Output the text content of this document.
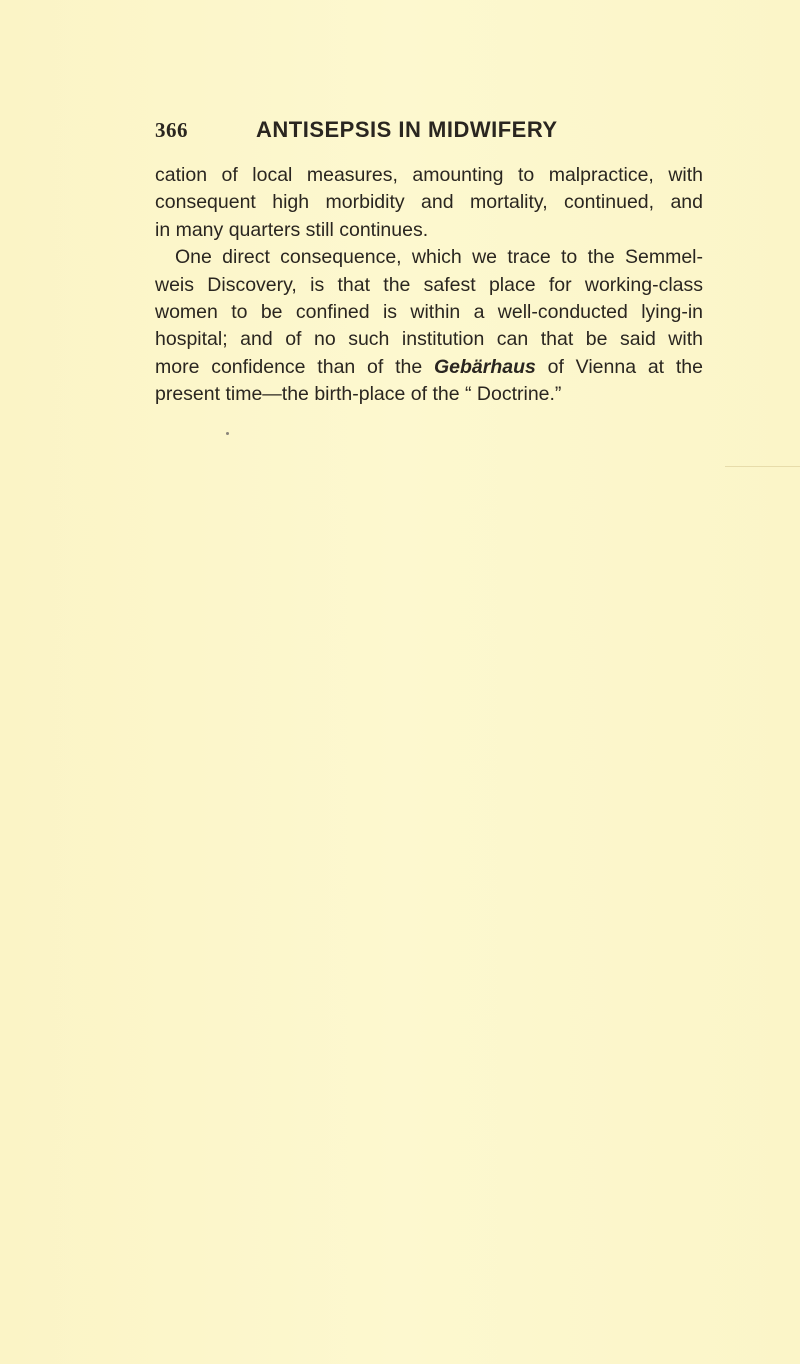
366	ANTISEPSIS IN MIDWIFERY

cation of local measures, amounting to malpractice, with
consequent high morbidity and mortality, continued, and
in many quarters still continues.

One direct consequence, which we trace to the Semmel-
weis Discovery, is that the safest place for working-class
women to be confined is within a well-conducted lying-in
hospital; and of no such institution can that be said with
more confidence than of the Gebärhaus of Vienna at the
present time—the birth-place of the “ Doctrine.”
